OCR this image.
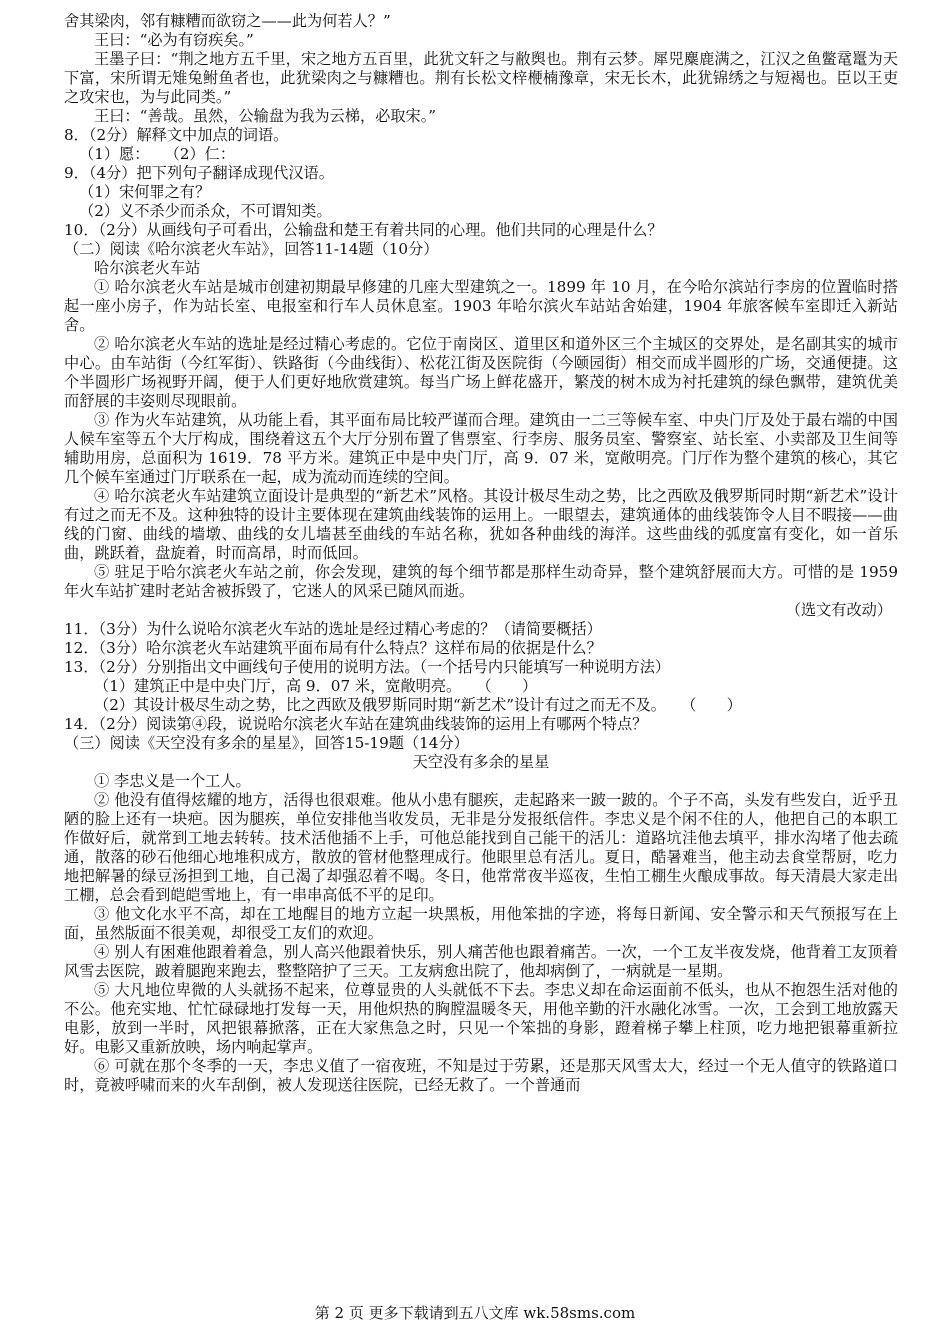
舍其梁肉，邻有糠糟而欲窃之——此为何若人？”

王曰：“必为有窃疾矣。”

王墨子曰：“荆之地方五千里，宋之地方五百里，此犹文轩之与敝舆也。荆有云梦。犀兕麋鹿满之，江汉之鱼鳖鼋鼍为天下富，宋所谓无雉兔鲋鱼者也，此犹梁肉之与糠糟也。荆有长松文梓楩楠豫章，宋无长木，此犹锦绣之与短褐也。臣以王吏之攻宋也，为与此同类。”

王曰：“善哉。虽然，公输盘为我为云梯，必取宋。”

8．（2分）解释文中加点的词语。

（1）愿：　　（2）仁：

9．（4分）把下列句子翻译成现代汉语。

（1）宋何罪之有？

（2）义不杀少而杀众，不可谓知类。

10．（2分）从画线句子可看出，公输盘和楚王有着共同的心理。他们共同的心理是什么？

（二）阅读《哈尔滨老火车站》，回答11-14题（10分）

哈尔滨老火车站

① 哈尔滨老火车站是城市创建初期最早修建的几座大型建筑之一。1899 年 10 月，在今哈尔滨站行李房的位置临时搭起一座小房子，作为站长室、电报室和行车人员休息室。1903 年哈尔滨火车站站舍始建，1904 年旅客候车室即迁入新站舍。

② 哈尔滨老火车站的选址是经过精心考虑的。它位于南岗区、道里区和道外区三个主城区的交界处，是名副其实的城市中心。由车站街（今红军街）、铁路街（今曲线街）、松花江街及医院街（今颐园街）相交而成半圆形的广场，交通便捷。这个半圆形广场视野开阔，便于人们更好地欣赏建筑。每当广场上鲜花盛开，繁茂的树木成为衬托建筑的绿色飘带，建筑优美而舒展的丰姿则尽现眼前。

③ 作为火车站建筑，从功能上看，其平面布局比较严谨而合理。建筑由一二三等候车室、中央门厅及处于最右端的中国人候车室等五个大厅构成，围绕着这五个大厅分别布置了售票室、行李房、服务员室、警察室、站长室、小卖部及卫生间等辅助用房，总面积为 1619．78 平方米。建筑正中是中央门厅，高 9．07 米，宽敞明亮。门厅作为整个建筑的核心，其它几个候车室通过门厅联系在一起，成为流动而连续的空间。

④ 哈尔滨老火车站建筑立面设计是典型的“新艺术”风格。其设计极尽生动之势，比之西欧及俄罗斯同时期“新艺术”设计有过之而无不及。这种独特的设计主要体现在建筑曲线装饰的运用上。一眼望去，建筑通体的曲线装饰令人目不暇接——曲线的门窗、曲线的墙墩、曲线的女儿墙甚至曲线的车站名称，犹如各种曲线的海洋。这些曲线的弧度富有变化，如一首乐曲，跳跃着，盘旋着，时而高昂，时而低回。

⑤ 驻足于哈尔滨老火车站之前，你会发现，建筑的每个细节都是那样生动奇异，整个建筑舒展而大方。可惜的是 1959 年火车站扩建时老站舍被拆毁了，它迷人的风采已随风而逝。

（选文有改动）

11．（3分）为什么说哈尔滨老火车站的选址是经过精心考虑的？（请简要概括）

12．（3分）哈尔滨老火车站建筑平面布局有什么特点？这样布局的依据是什么？

13．（2分）分别指出文中画线句子使用的说明方法。（一个括号内只能填写一种说明方法）

（1）建筑正中是中央门厅，高 9．07 米，宽敞明亮。　　（　　）

（2）其设计极尽生动之势，比之西欧及俄罗斯同时期“新艺术”设计有过之而无不及。　　（　　）

14．（2分）阅读第④段，说说哈尔滨老火车站在建筑曲线装饰的运用上有哪两个特点？

（三）阅读《天空没有多余的星星》，回答15-19题（14分）

天空没有多余的星星

① 李忠义是一个工人。

② 他没有值得炫耀的地方，活得也很艰难。他从小患有腿疾，走起路来一跛一跛的。个子不高，头发有些发白，近乎丑陋的脸上还有一块疤。因为腿疾，单位安排他当收发员，无非是分发报纸信件。李忠义是个闲不住的人，他把自己的本职工作做好后，就常到工地去转转。技术活他插不上手，可他总能找到自己能干的活儿：道路坑洼他去填平，排水沟堵了他去疏通，散落的砂石他细心地堆积成方，散放的管材他整理成行。他眼里总有活儿。夏日，酷暑难当，他主动去食堂帮厨，吃力地把解暑的绿豆汤担到工地，自己渴了却强忍着不喝。冬日，他常常夜半巡夜，生怕工棚生火酿成事故。每天清晨大家走出工棚，总会看到皑皑雪地上，有一串串高低不平的足印。

③ 他文化水平不高，却在工地醒目的地方立起一块黑板，用他笨拙的字迹，将每日新闻、安全警示和天气预报写在上面，虽然版面不很美观，却很受工友们的欢迎。

④ 别人有困难他跟着着急，别人高兴他跟着快乐，别人痛苦他也跟着痛苦。一次，一个工友半夜发烧，他背着工友顶着风雪去医院，跛着腿跑来跑去，整整陪护了三天。工友病愈出院了，他却病倒了，一病就是一星期。

⑤ 大凡地位卑微的人头就扬不起来，位尊显贵的人头就低不下去。李忠义却在命运面前不低头，也从不抱怨生活对他的不公。他充实地、忙忙碌碌地打发每一天，用他炽热的胸膛温暖冬天，用他辛勤的汗水融化冰雪。一次，工会到工地放露天电影，放到一半时，风把银幕掀落，正在大家焦急之时，只见一个笨拙的身影，蹬着梯子攀上柱顶，吃力地把银幕重新拉好。电影又重新放映，场内响起掌声。

⑥ 可就在那个冬季的一天，李忠义值了一宿夜班，不知是过于劳累，还是那天风雪太大，经过一个无人值守的铁路道口时，竟被呼啸而来的火车刮倒，被人发现送往医院，已经无救了。一个普通而

第 2 页 更多下载请到五八文库 wk.58sms.com
